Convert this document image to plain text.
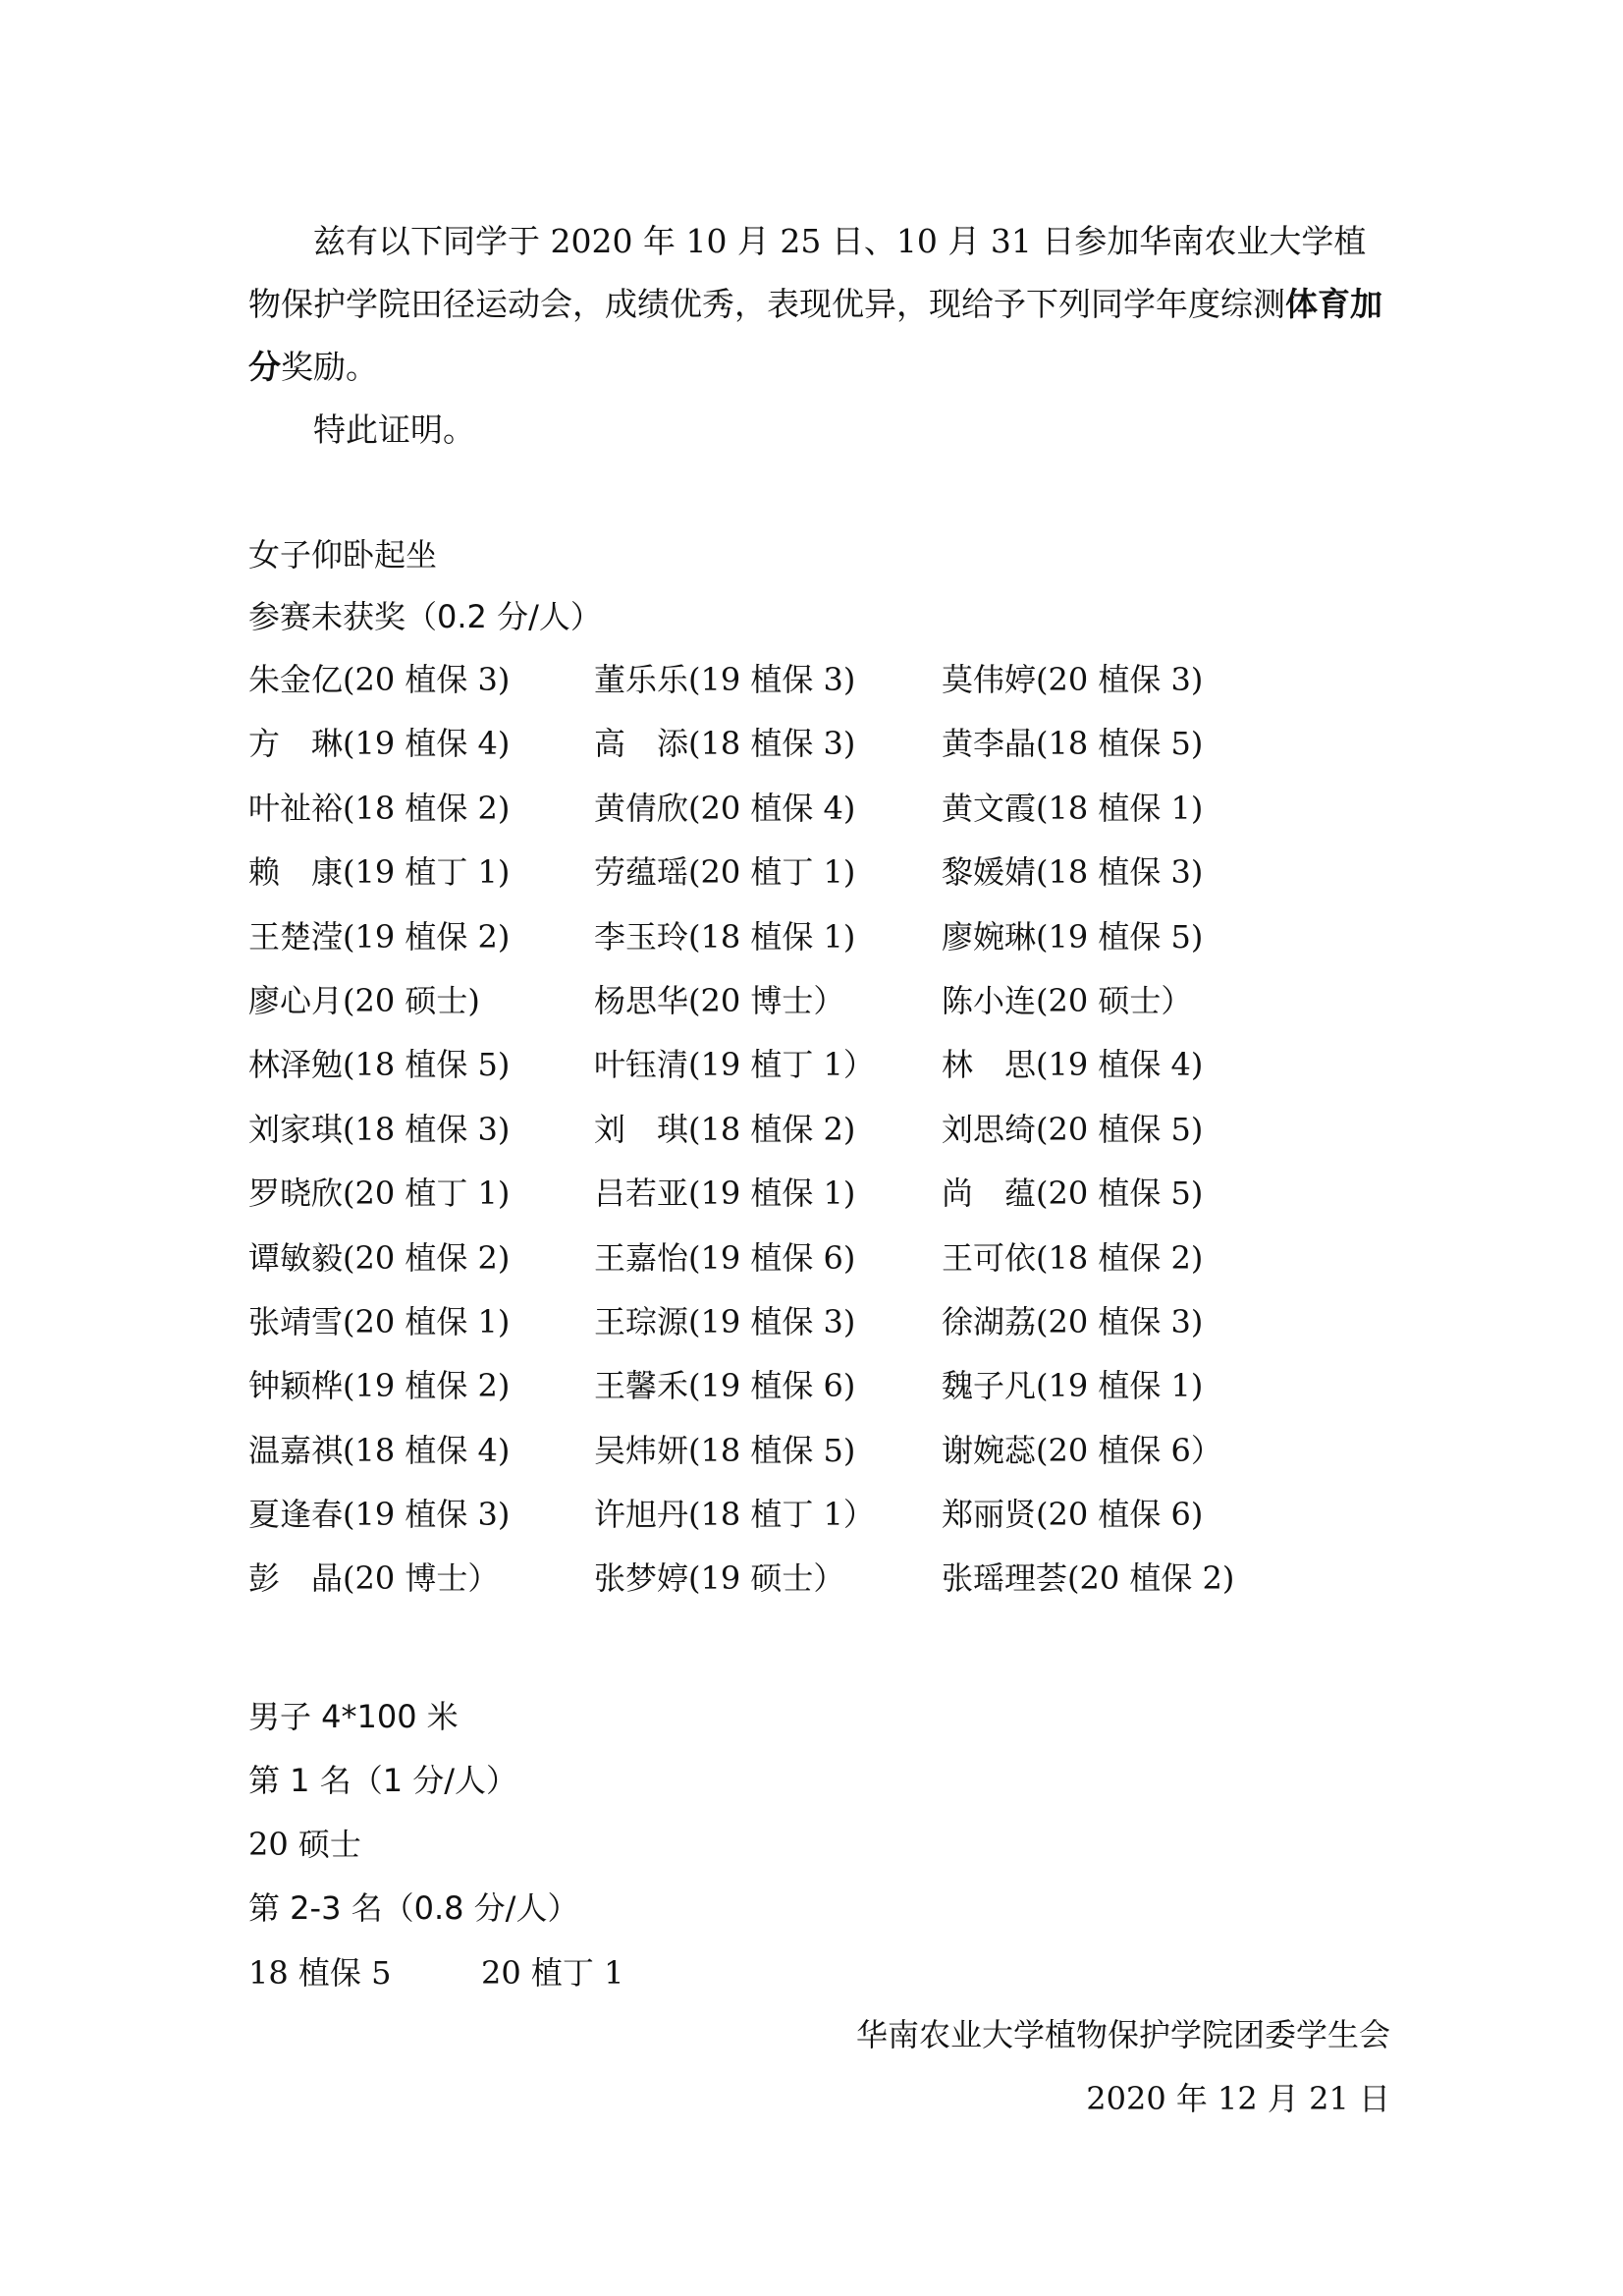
兹有以下同学于 2020 年 10 月 25 日、10 月 31 日参加华南农业大学植物保护学院田径运动会，成绩优秀，表现优异，现给予下列同学年度综测体育加分奖励。

特此证明。

女子仰卧起坐
参赛未获奖（0.2 分/人）
朱金亿(20 植保 3)	董乐乐(19 植保 3)	莫伟婷(20 植保 3)
方　琳(19 植保 4)	高　添(18 植保 3)	黄李晶(18 植保 5)
叶祉裕(18 植保 2)	黄倩欣(20 植保 4)	黄文霞(18 植保 1)
赖　康(19 植丁 1)	劳蕴瑶(20 植丁 1)	黎媛婧(18 植保 3)
王楚滢(19 植保 2)	李玉玲(18 植保 1)	廖婉琳(19 植保 5)
廖心月(20 硕士)	杨思华(20 博士）	陈小连(20 硕士）
林泽勉(18 植保 5)	叶钰清(19 植丁 1） 林　思(19 植保 4)
刘家琪(18 植保 3)	刘　琪(18 植保 2)	刘思绮(20 植保 5)
罗晓欣(20 植丁 1)	吕若亚(19 植保 1)	尚　蕴(20 植保 5)
谭敏毅(20 植保 2)	王嘉怡(19 植保 6)	王可依(18 植保 2)
张靖雪(20 植保 1)	王琮源(19 植保 3)	徐湖荔(20 植保 3)
钟颖桦(19 植保 2)	王馨禾(19 植保 6)	魏子凡(19 植保 1)
温嘉祺(18 植保 4)	吴炜妍(18 植保 5)	谢婉蕊(20 植保 6）
夏逢春(19 植保 3)	许旭丹(18 植丁 1） 郑丽贤(20 植保 6)
彭　晶(20 博士）	张梦婷(19 硕士）	张瑶理荟(20 植保 2)
男子 4*100 米
第 1 名（1 分/人）
20 硕士
第 2-3 名（0.8 分/人）
18 植保 5	20 植丁 1
华南农业大学植物保护学院团委学生会
2020 年 12 月 21 日
